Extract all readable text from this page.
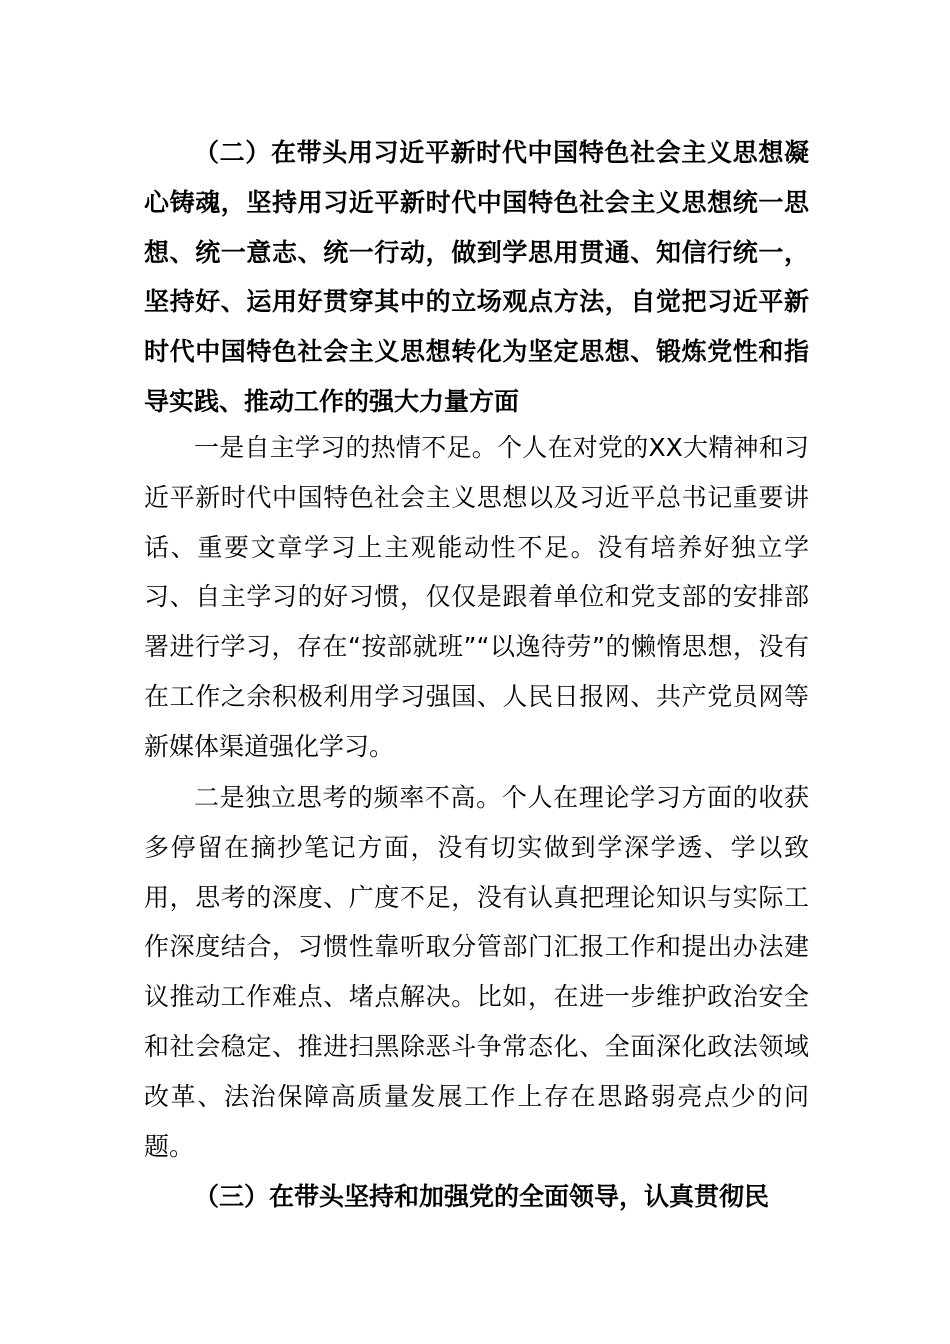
（二）在带头用习近平新时代中国特色社会主义思想凝心铸魂，坚持用习近平新时代中国特色社会主义思想统一思想、统一意志、统一行动，做到学思用贯通、知信行统一，坚持好、运用好贯穿其中的立场观点方法，自觉把习近平新时代中国特色社会主义思想转化为坚定思想、锻炼党性和指导实践、推动工作的强大力量方面

一是自主学习的热情不足。个人在对党的XX大精神和习近平新时代中国特色社会主义思想以及习近平总书记重要讲话、重要文章学习上主观能动性不足。没有培养好独立学习、自主学习的好习惯，仅仅是跟着单位和党支部的安排部署进行学习，存在“按部就班”“以逸待劳”的懒惰思想，没有在工作之余积极利用学习强国、人民日报网、共产党员网等新媒体渠道强化学习。

二是独立思考的频率不高。个人在理论学习方面的收获多停留在摘抄笔记方面，没有切实做到学深学透、学以致用，思考的深度、广度不足，没有认真把理论知识与实际工作深度结合，习惯性靠听取分管部门汇报工作和提出办法建议推动工作难点、堵点解决。比如，在进一步维护政治安全和社会稳定、推进扫黑除恶斗争常态化、全面深化政法领域改革、法治保障高质量发展工作上存在思路弱亮点少的问题。

（三）在带头坚持和加强党的全面领导，认真贯彻民
